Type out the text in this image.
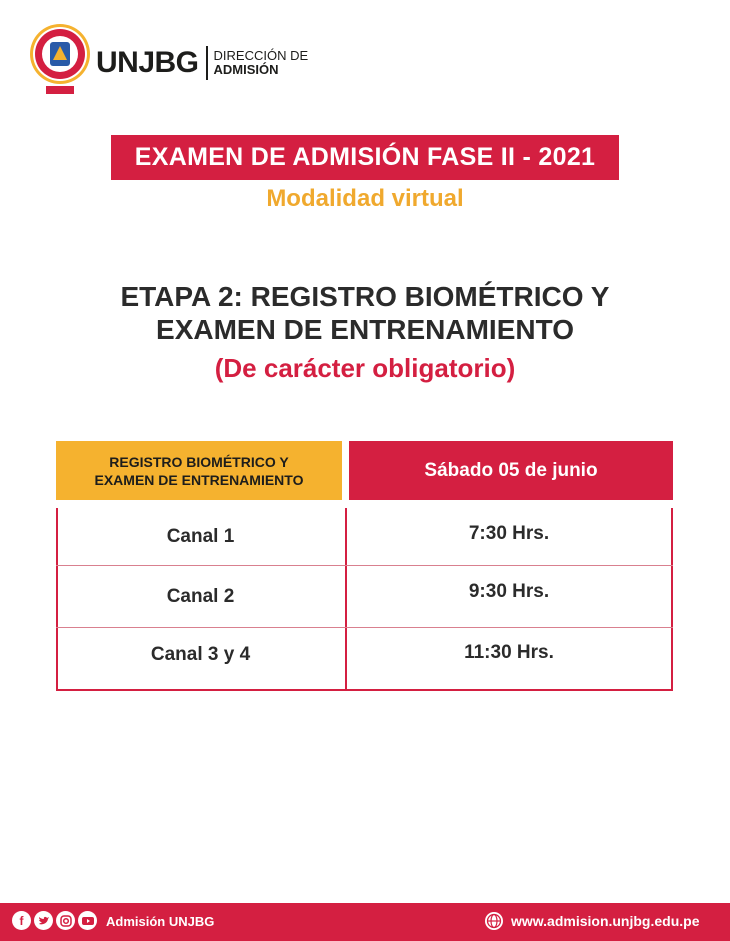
UNJBG DIRECCIÓN DE
ADMISIÓN
EXAMEN DE ADMISIÓN FASE II - 2021
Modalidad virtual
ETAPA 2: REGISTRO BIOMÉTRICO Y
EXAMEN DE ENTRENAMIENTO
(De carácter obligatorio)
REGISTRO BIOMÉTRICO Y
EXAMEN DE ENTRENAMIENTO	Sábado 05 de junio
Canal 1	7:30 Hrs.
Canal 2	9:30 Hrs.
Canal 3 y 4	11:30 Hrs.
f	Admisión UNJBG	www.admision.unjbg.edu.pe
